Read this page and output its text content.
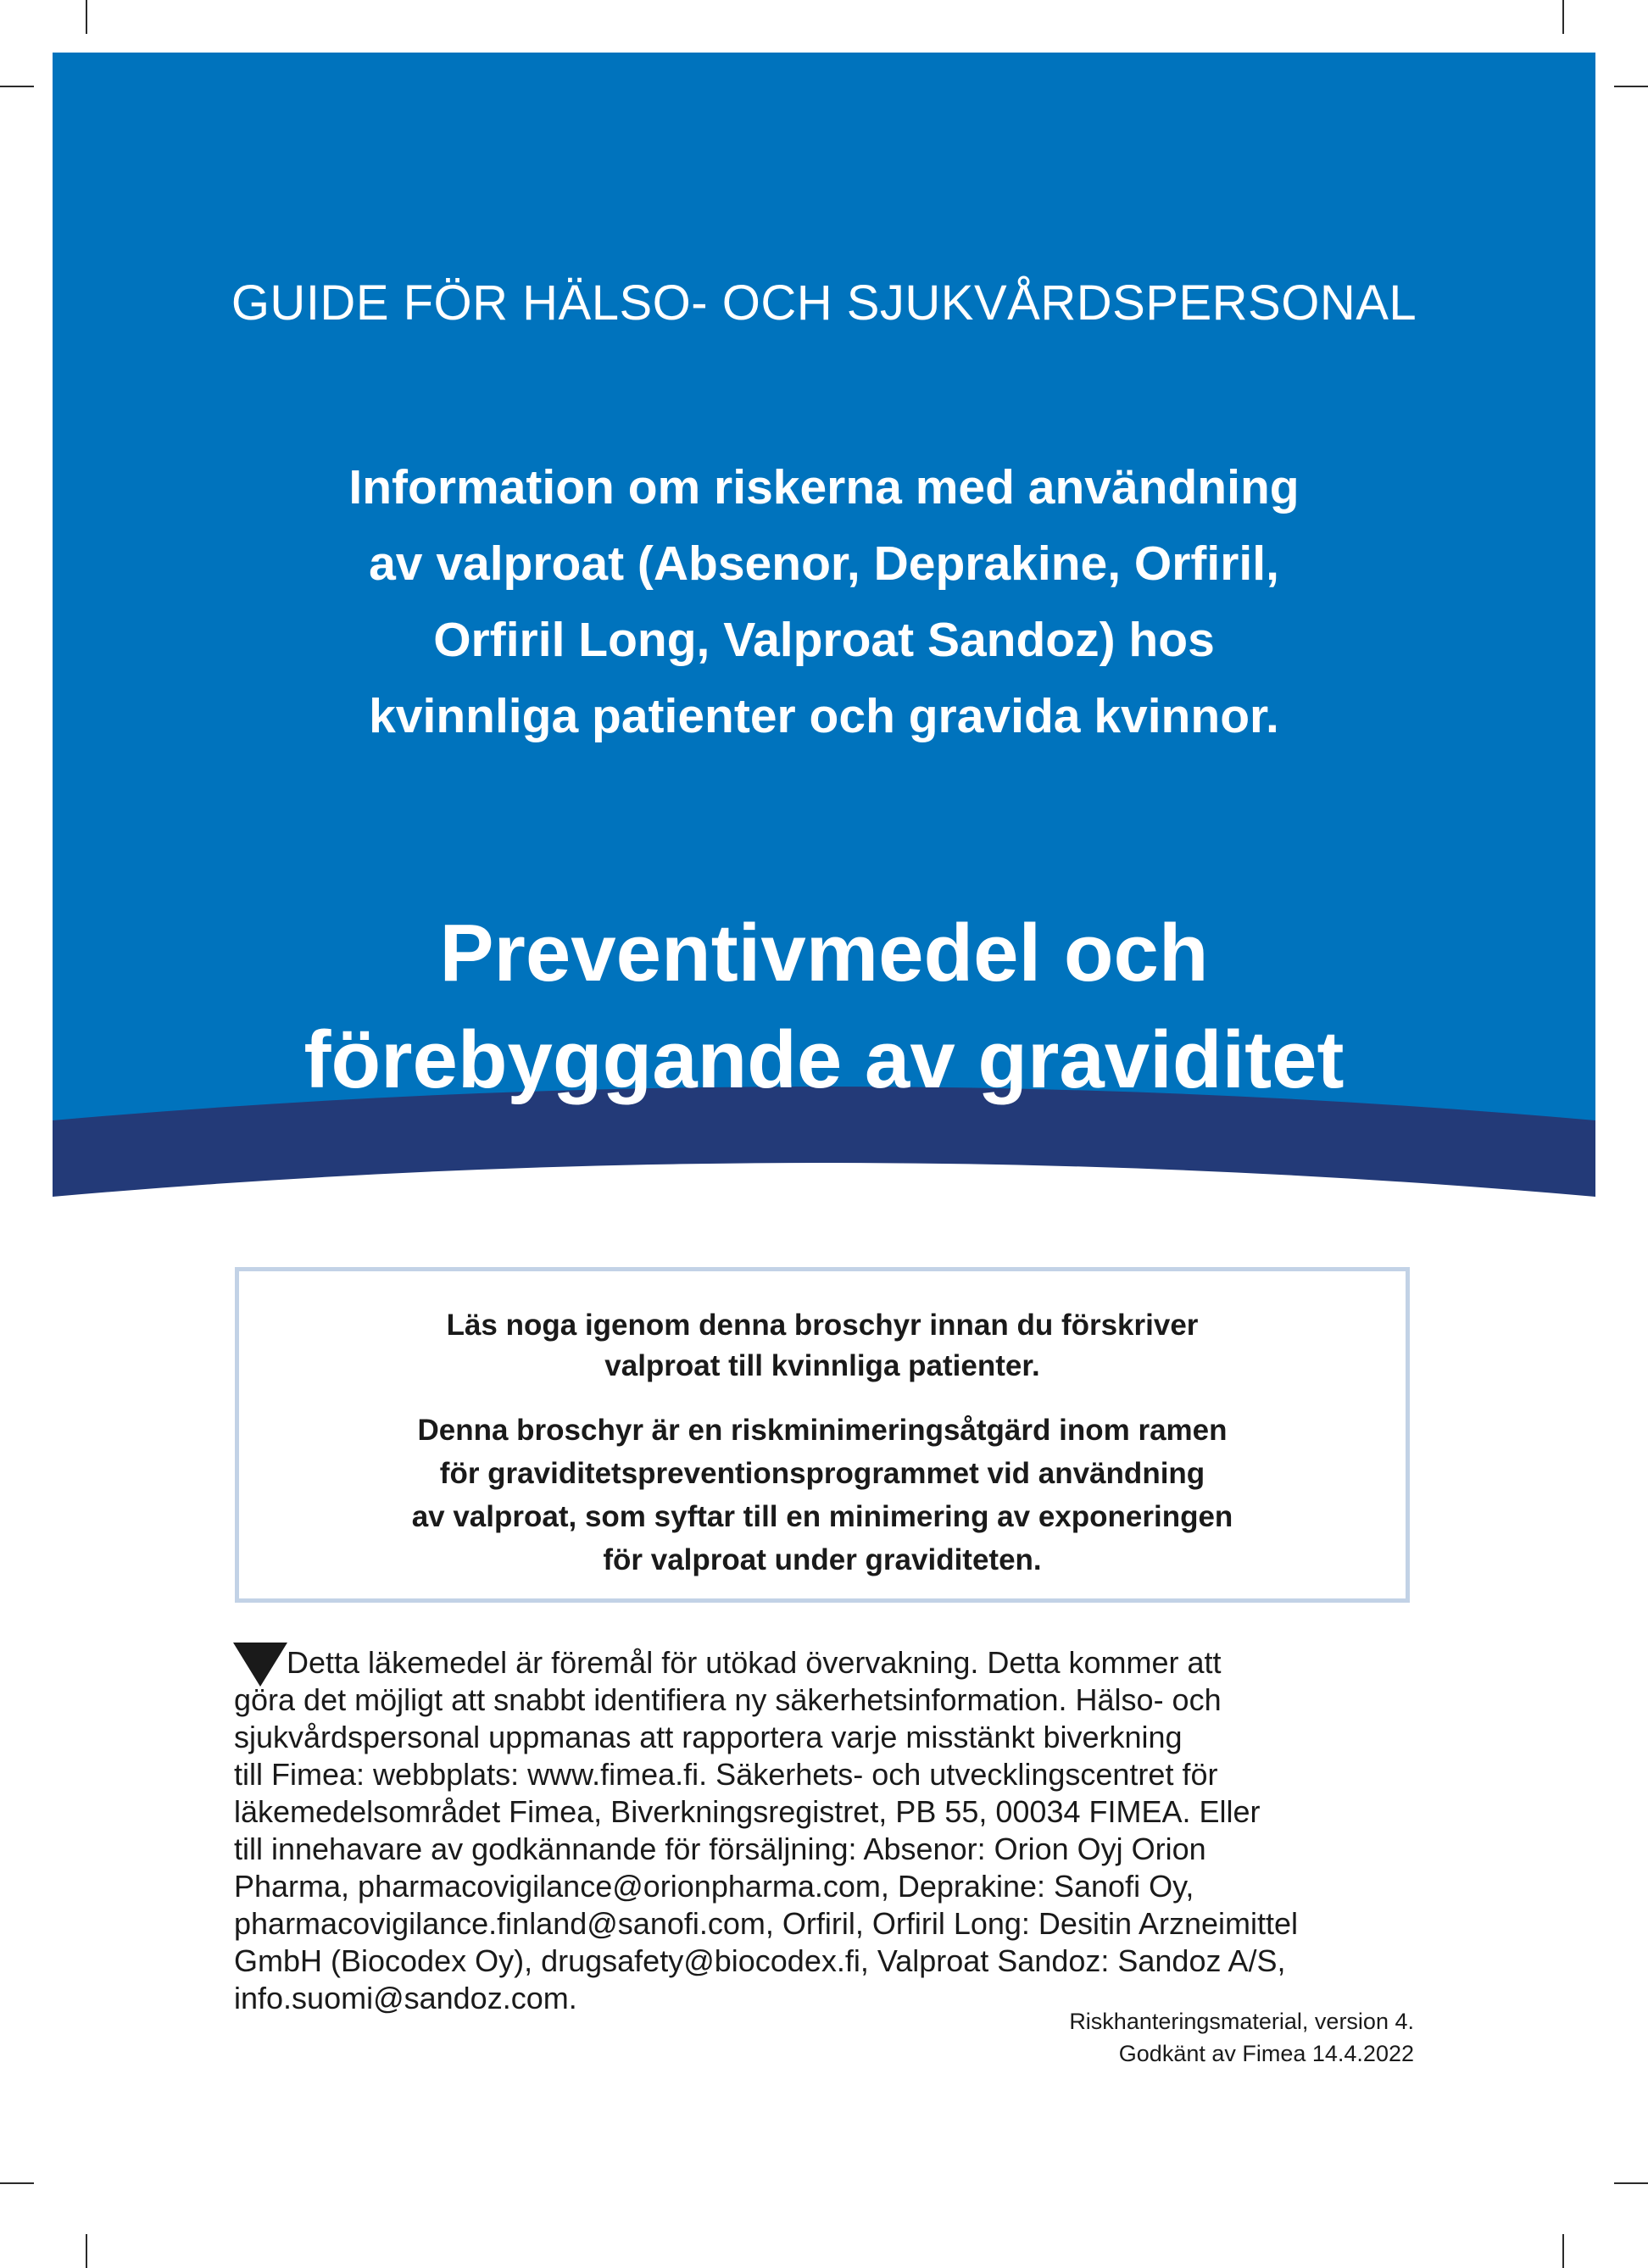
GUIDE FÖR HÄLSO- OCH SJUKVÅRDSPERSONAL
Information om riskerna med användning
av valproat (Absenor, Deprakine, Orfiril,
Orfiril Long, Valproat Sandoz) hos
kvinnliga patienter och gravida kvinnor.
Preventivmedel och
förebyggande av graviditet
Läs noga igenom denna broschyr innan du förskriver
valproat till kvinnliga patienter.
Denna broschyr är en riskminimeringsåtgärd inom ramen
för graviditetspreventionsprogrammet vid användning
av valproat, som syftar till en minimering av exponeringen
för valproat under graviditeten.
Detta läkemedel är föremål för utökad övervakning. Detta kommer att
göra det möjligt att snabbt identifiera ny säkerhetsinformation. Hälso- och
sjukvårdspersonal uppmanas att rapportera varje misstänkt biverkning
till Fimea: webbplats: www.fimea.fi. Säkerhets- och utvecklingscentret för
läkemedelsområdet Fimea, Biverkningsregistret, PB 55, 00034 FIMEA. Eller
till innehavare av godkännande för försäljning: Absenor: Orion Oyj Orion
Pharma, pharmacovigilance@orionpharma.com, Deprakine: Sanofi Oy,
pharmacovigilance.finland@sanofi.com, Orfiril, Orfiril Long: Desitin Arzneimittel
GmbH (Biocodex Oy), drugsafety@biocodex.fi, Valproat Sandoz: Sandoz A/S,
info.suomi@sandoz.com.
Riskhanteringsmaterial, version 4.
Godkänt av Fimea 14.4.2022
